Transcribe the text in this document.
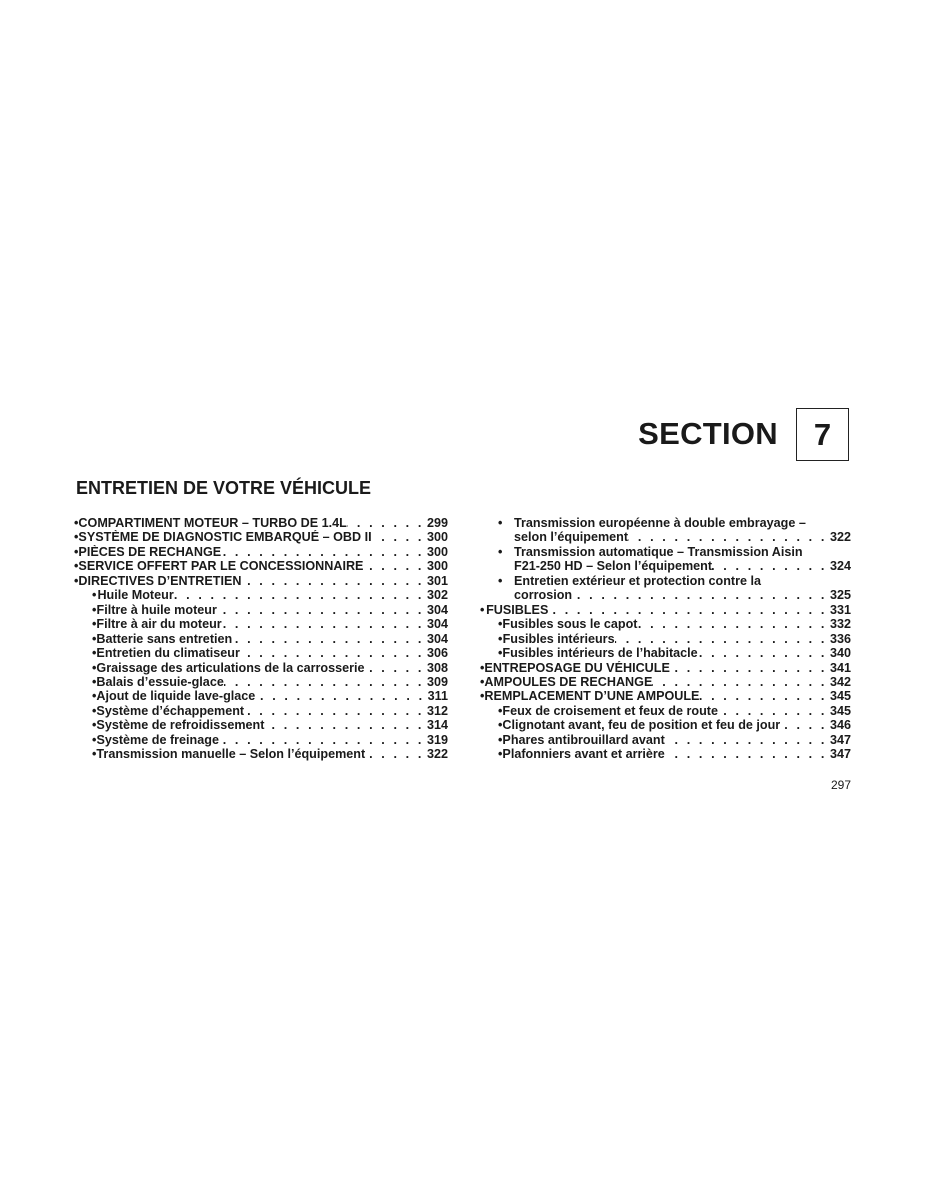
SECTION	7
ENTRETIEN DE VOTRE VÉHICULE
• COMPARTIMENT MOTEUR – TURBO DE 1.4L . . .	299
• SYSTÈME DE DIAGNOSTIC EMBARQUÉ – OBD II . . .	300
• PIÈCES DE RECHANGE . . .	300
• SERVICE OFFERT PAR LE CONCESSIONNAIRE . . .	300
• DIRECTIVES D’ENTRETIEN . . .	301
• Huile Moteur . . .	302
• Filtre à huile moteur . . .	304
• Filtre à air du moteur . . .	304
• Batterie sans entretien . . .	304
• Entretien du climatiseur . . .	306
• Graissage des articulations de la carrosserie . . .	308
• Balais d’essuie-glace . . .	309
• Ajout de liquide lave-glace . . .	311
• Système d’échappement . . .	312
• Système de refroidissement . . .	314
• Système de freinage . . .	319
• Transmission manuelle – Selon l’équipement . . .	322
• Transmission européenne à double embrayage –
selon l’équipement . . .	322
• Transmission automatique – Transmission Aisin
F21-250 HD – Selon l’équipement . . .	324
• Entretien extérieur et protection contre la
corrosion . . .	325
• FUSIBLES . . .	331
• Fusibles sous le capot . . .	332
• Fusibles intérieurs . . .	336
• Fusibles intérieurs de l’habitacle . . .	340
• ENTREPOSAGE DU VÉHICULE . . .	341
• AMPOULES DE RECHANGE . . .	342
• REMPLACEMENT D’UNE AMPOULE . . .	345
• Feux de croisement et feux de route . . .	345
• Clignotant avant, feu de position et feu de jour . . .	346
• Phares antibrouillard avant . . .	347
• Plafonniers avant et arrière . . .	347
297
